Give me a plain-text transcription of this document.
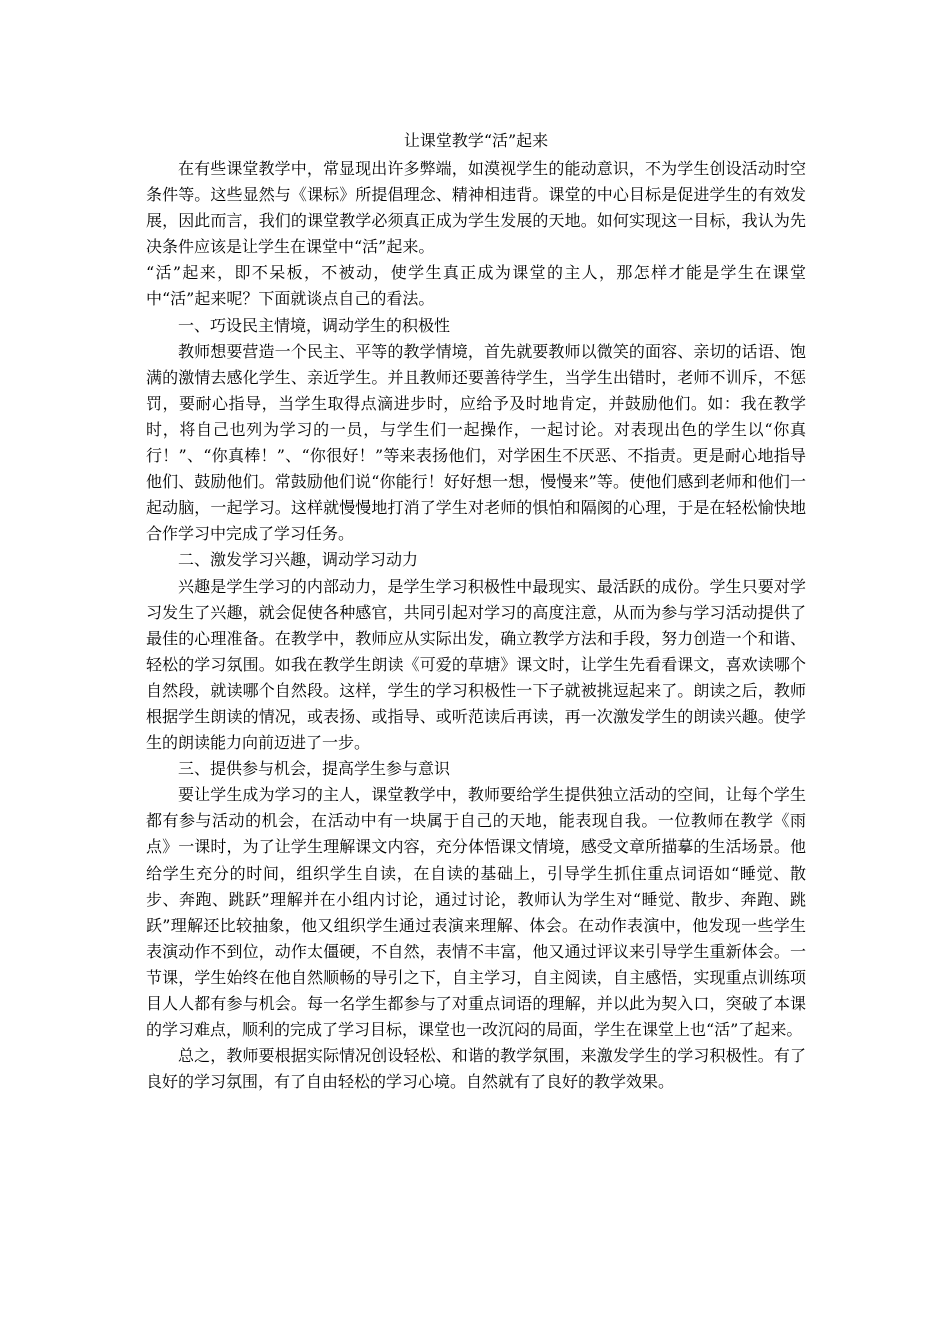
让课堂教学“活”起来

在有些课堂教学中，常显现出许多弊端，如漠视学生的能动意识，不为学生创设活动时空条件等。这些显然与《课标》所提倡理念、精神相违背。课堂的中心目标是促进学生的有效发展，因此而言，我们的课堂教学必须真正成为学生发展的天地。如何实现这一目标，我认为先决条件应该是让学生在课堂中“活”起来。

“活”起来，即不呆板，不被动，使学生真正成为课堂的主人，那怎样才能是学生在课堂中“活”起来呢？下面就谈点自己的看法。

一、巧设民主情境，调动学生的积极性

教师想要营造一个民主、平等的教学情境，首先就要教师以微笑的面容、亲切的话语、饱满的激情去感化学生、亲近学生。并且教师还要善待学生，当学生出错时，老师不训斥，不惩罚，要耐心指导，当学生取得点滴进步时，应给予及时地肯定，并鼓励他们。如：我在教学时，将自己也列为学习的一员，与学生们一起操作，一起讨论。对表现出色的学生以“你真行！”、“你真棒！”、“你很好！”等来表扬他们，对学困生不厌恶、不指责。更是耐心地指导他们、鼓励他们。常鼓励他们说“你能行！好好想一想，慢慢来”等。使他们感到老师和他们一起动脑，一起学习。这样就慢慢地打消了学生对老师的惧怕和隔阂的心理，于是在轻松愉快地合作学习中完成了学习任务。

二、激发学习兴趣，调动学习动力

兴趣是学生学习的内部动力，是学生学习积极性中最现实、最活跃的成份。学生只要对学习发生了兴趣，就会促使各种感官，共同引起对学习的高度注意，从而为参与学习活动提供了最佳的心理准备。在教学中，教师应从实际出发，确立教学方法和手段，努力创造一个和谐、轻松的学习氛围。如我在教学生朗读《可爱的草塘》课文时，让学生先看看课文，喜欢读哪个自然段，就读哪个自然段。这样，学生的学习积极性一下子就被挑逗起来了。朗读之后，教师根据学生朗读的情况，或表扬、或指导、或听范读后再读，再一次激发学生的朗读兴趣。使学生的朗读能力向前迈进了一步。

三、提供参与机会，提高学生参与意识

要让学生成为学习的主人，课堂教学中，教师要给学生提供独立活动的空间，让每个学生都有参与活动的机会，在活动中有一块属于自己的天地，能表现自我。一位教师在教学《雨点》一课时，为了让学生理解课文内容，充分体悟课文情境，感受文章所描摹的生活场景。他给学生充分的时间，组织学生自读，在自读的基础上，引导学生抓住重点词语如“睡觉、散步、奔跑、跳跃”理解并在小组内讨论，通过讨论，教师认为学生对“睡觉、散步、奔跑、跳跃”理解还比较抽象，他又组织学生通过表演来理解、体会。在动作表演中，他发现一些学生表演动作不到位，动作太僵硬，不自然，表情不丰富，他又通过评议来引导学生重新体会。一节课，学生始终在他自然顺畅的导引之下，自主学习，自主阅读，自主感悟，实现重点训练项目人人都有参与机会。每一名学生都参与了对重点词语的理解，并以此为契入口，突破了本课的学习难点，顺利的完成了学习目标，课堂也一改沉闷的局面，学生在课堂上也“活”了起来。

总之，教师要根据实际情况创设轻松、和谐的教学氛围，来激发学生的学习积极性。有了良好的学习氛围，有了自由轻松的学习心境。自然就有了良好的教学效果。
